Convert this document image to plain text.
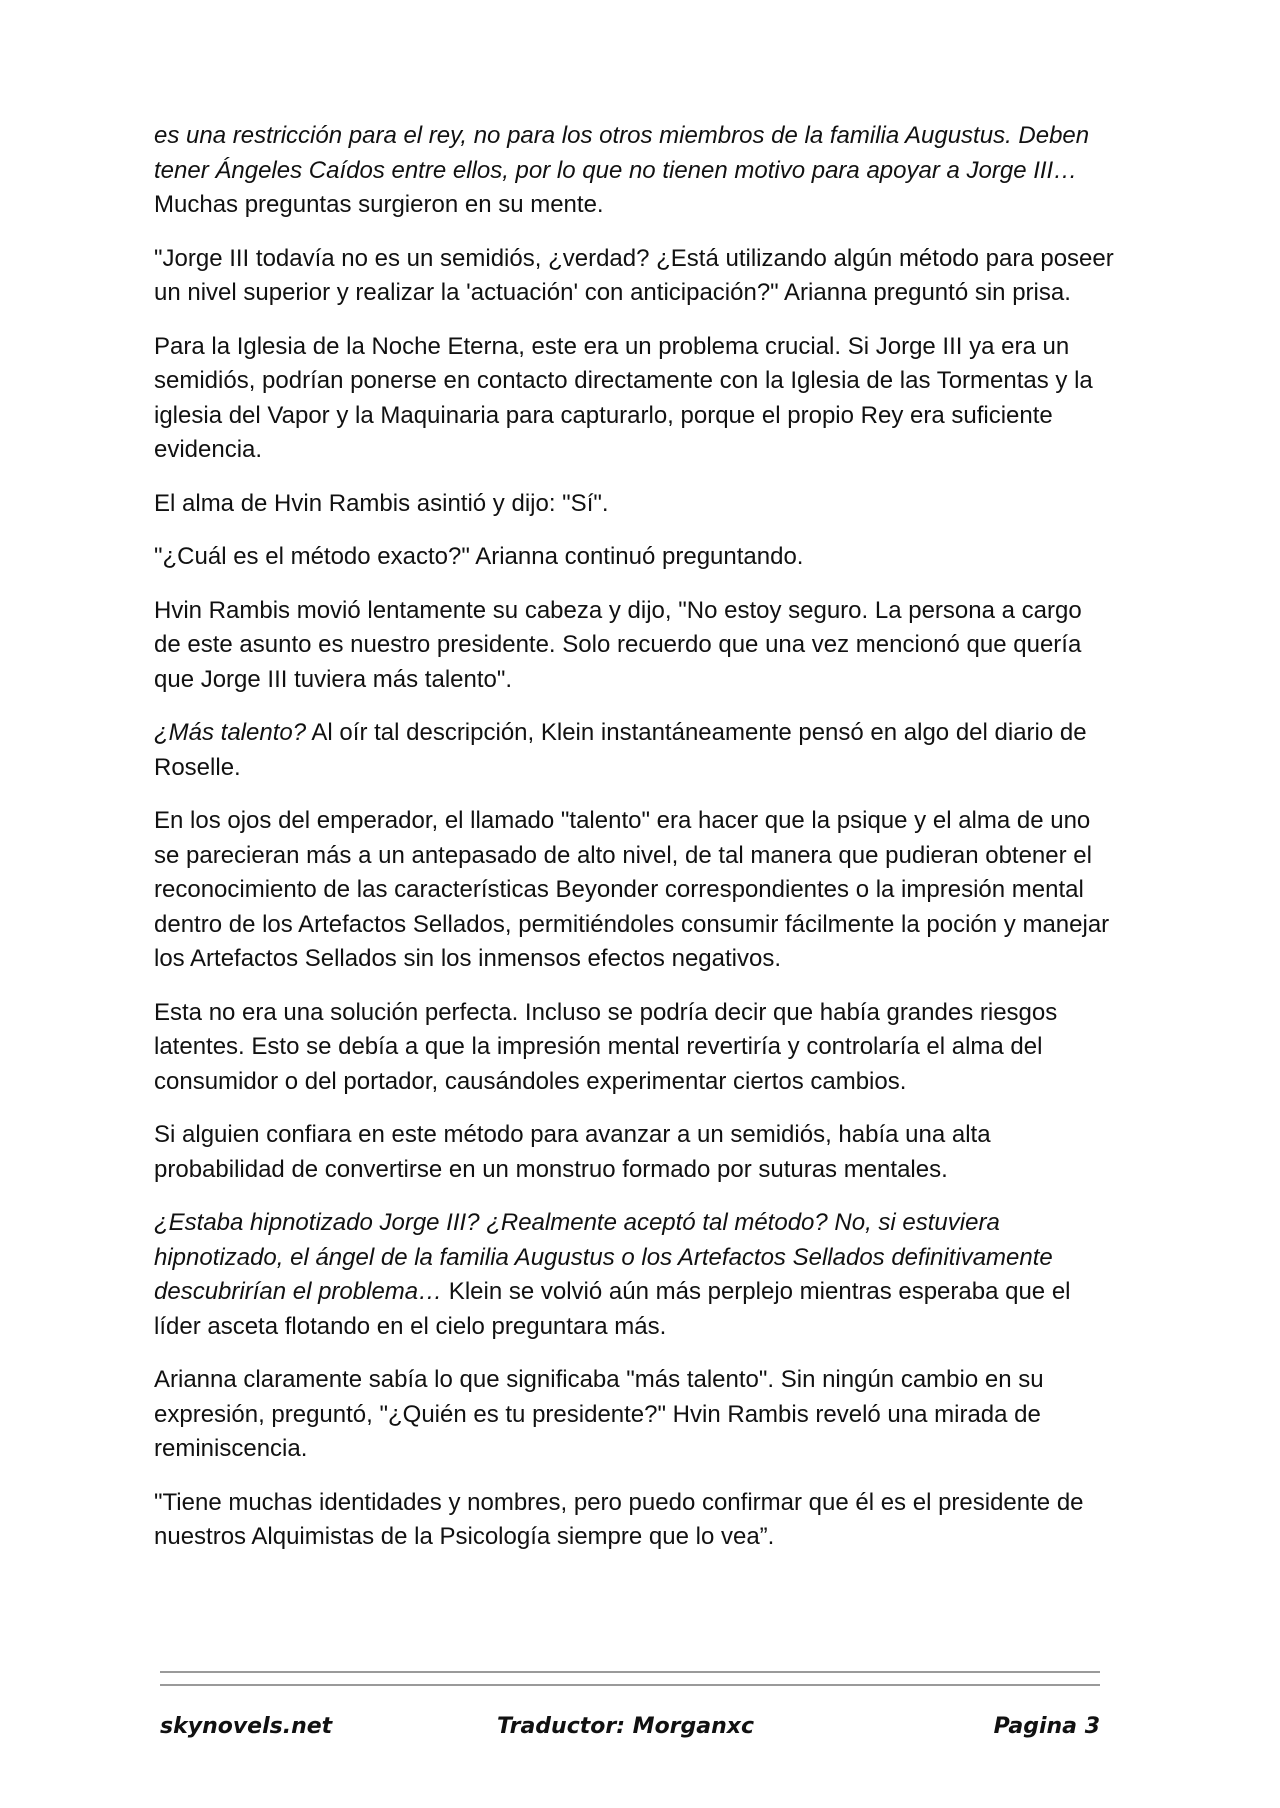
es una restricción para el rey, no para los otros miembros de la familia Augustus. Deben tener Ángeles Caídos entre ellos, por lo que no tienen motivo para apoyar a Jorge III… Muchas preguntas surgieron en su mente.

"Jorge III todavía no es un semidiós, ¿verdad? ¿Está utilizando algún método para poseer un nivel superior y realizar la 'actuación' con anticipación?" Arianna preguntó sin prisa.

Para la Iglesia de la Noche Eterna, este era un problema crucial. Si Jorge III ya era un semidiós, podrían ponerse en contacto directamente con la Iglesia de las Tormentas y la iglesia del Vapor y la Maquinaria para capturarlo, porque el propio Rey era suficiente evidencia.

El alma de Hvin Rambis asintió y dijo: "Sí".

"¿Cuál es el método exacto?" Arianna continuó preguntando.

Hvin Rambis movió lentamente su cabeza y dijo, "No estoy seguro. La persona a cargo de este asunto es nuestro presidente. Solo recuerdo que una vez mencionó que quería que Jorge III tuviera más talento".

¿Más talento? Al oír tal descripción, Klein instantáneamente pensó en algo del diario de Roselle.

En los ojos del emperador, el llamado "talento" era hacer que la psique y el alma de uno se parecieran más a un antepasado de alto nivel, de tal manera que pudieran obtener el reconocimiento de las características Beyonder correspondientes o la impresión mental dentro de los Artefactos Sellados, permitiéndoles consumir fácilmente la poción y manejar los Artefactos Sellados sin los inmensos efectos negativos.

Esta no era una solución perfecta. Incluso se podría decir que había grandes riesgos latentes. Esto se debía a que la impresión mental revertiría y controlaría el alma del consumidor o del portador, causándoles experimentar ciertos cambios.

Si alguien confiara en este método para avanzar a un semidiós, había una alta probabilidad de convertirse en un monstruo formado por suturas mentales.

¿Estaba hipnotizado Jorge III? ¿Realmente aceptó tal método? No, si estuviera hipnotizado, el ángel de la familia Augustus o los Artefactos Sellados definitivamente descubrirían el problema… Klein se volvió aún más perplejo mientras esperaba que el líder asceta flotando en el cielo preguntara más.

Arianna claramente sabía lo que significaba "más talento". Sin ningún cambio en su expresión, preguntó, "¿Quién es tu presidente?" Hvin Rambis reveló una mirada de reminiscencia.

"Tiene muchas identidades y nombres, pero puedo confirmar que él es el presidente de nuestros Alquimistas de la Psicología siempre que lo vea”.

skynovels.net	Traductor: Morganxc	Pagina 3
